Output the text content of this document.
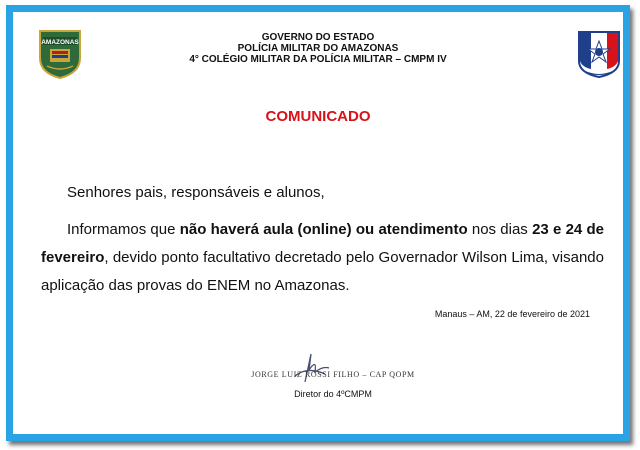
AMAZONAS	GOVERNO DO ESTADO
POLÍCIA MILITAR DO AMAZONAS
4° COLÉGIO MILITAR DA POLÍCIA MILITAR – CMPM IV
COMUNICADO
Senhores pais, responsáveis e alunos,
Informamos que não haverá aula (online) ou atendimento nos dias 23 e 24 de fevereiro, devido ponto facultativo decretado pelo Governador Wilson Lima, visando aplicação das provas do ENEM no Amazonas.
Manaus – AM, 22 de fevereiro de 2021
JORGE LUIZ ROSSI FILHO – CAP QOPM
Diretor do 4ºCMPM
